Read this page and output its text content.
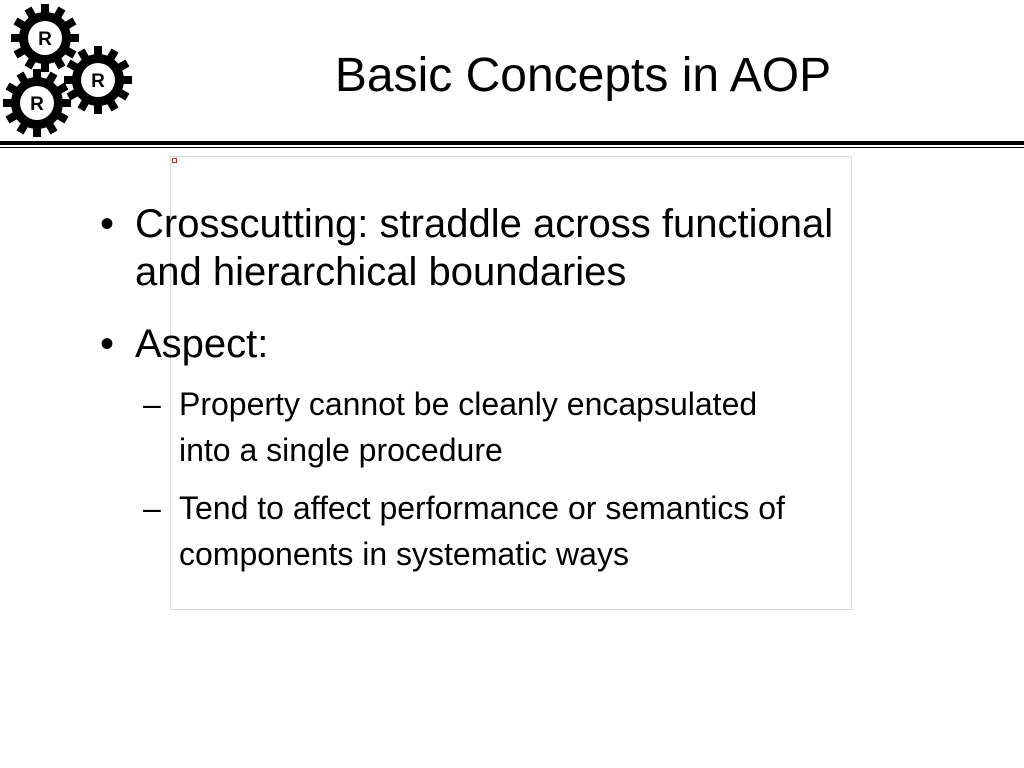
R
R
R
Basic Concepts in AOP
• Crosscutting: straddle across functional
and hierarchical boundaries
• Aspect:
– Property cannot be cleanly encapsulated
into a single procedure
– Tend to affect performance or semantics of
components in systematic ways
